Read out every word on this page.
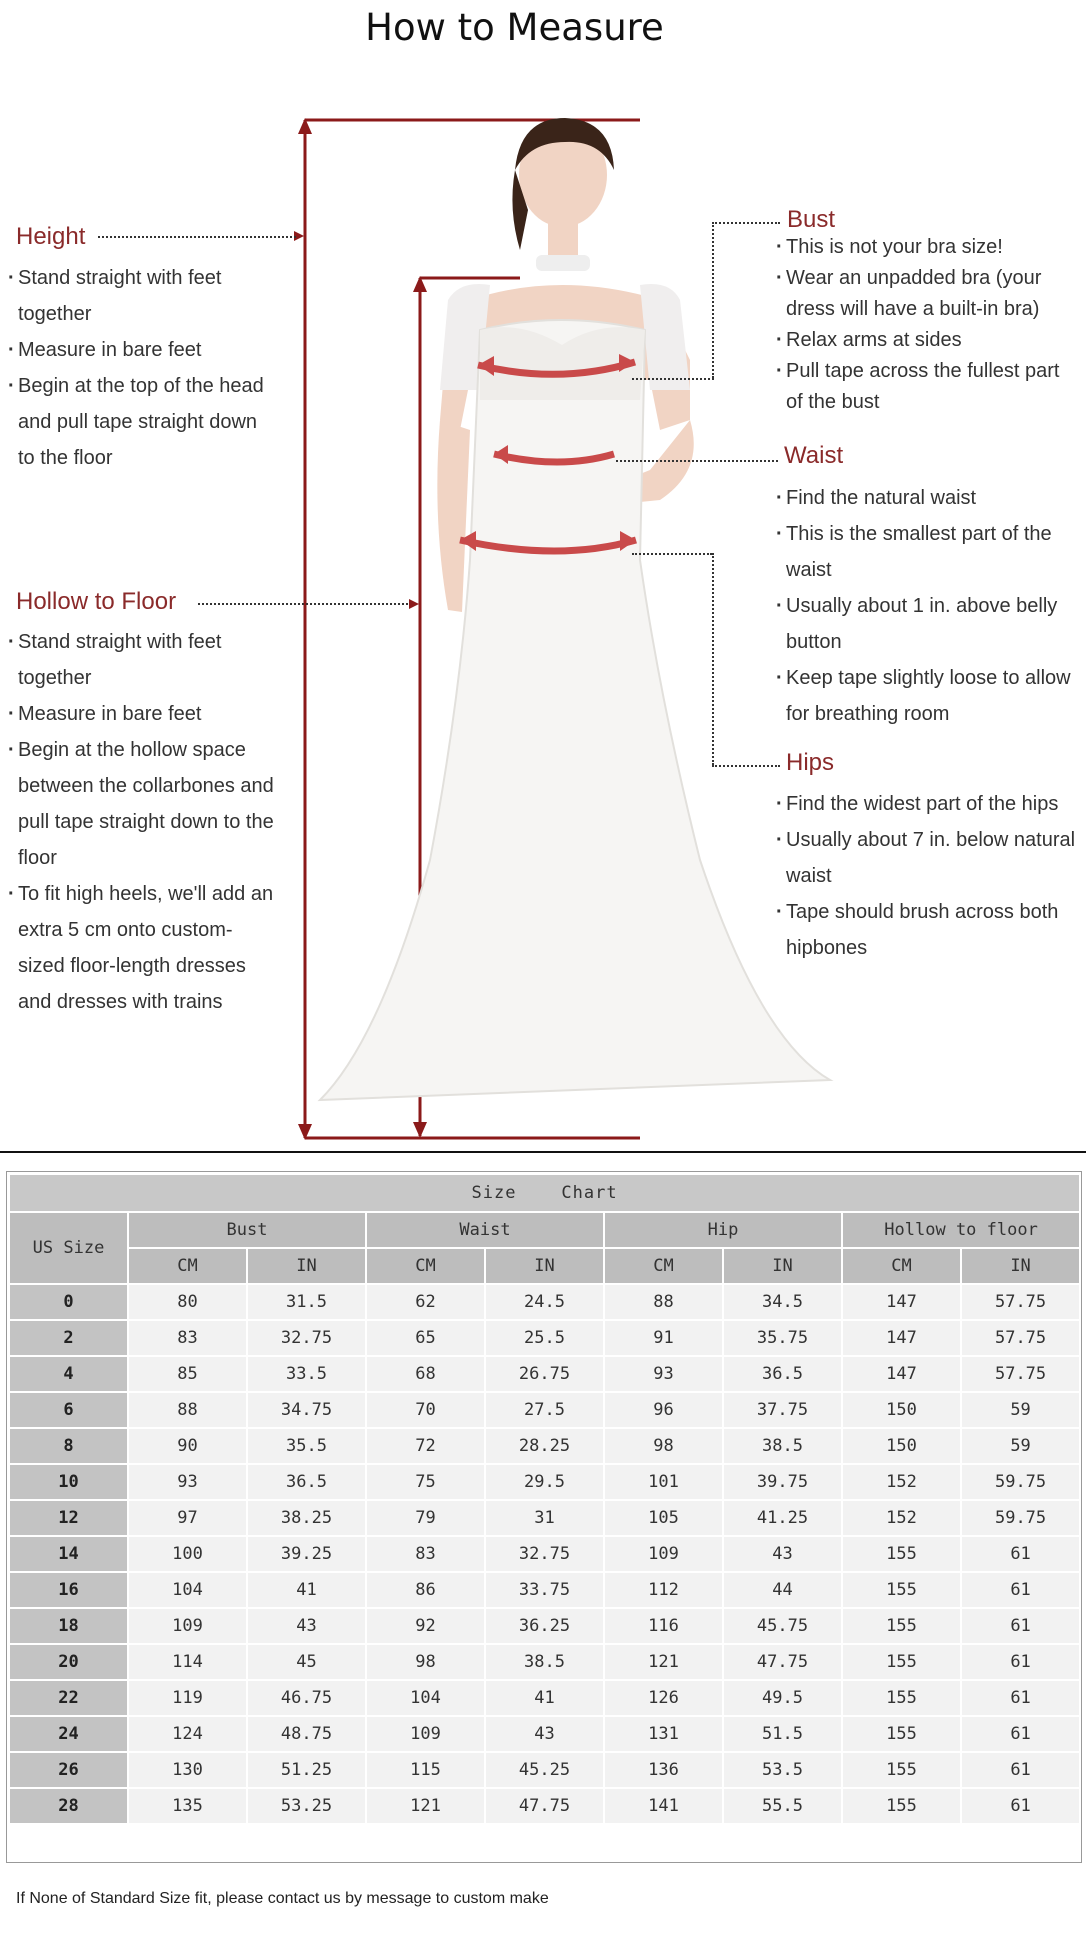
How to Measure
Height
· Stand straight with feet together
· Measure in bare feet
· Begin at the top of the head and pull tape straight down to the floor
Hollow to Floor
· Stand straight with feet together
· Measure in bare feet
· Begin at the hollow space between the collarbones and pull tape straight down to the floor
· To fit high heels, we'll add an extra 5 cm onto custom-sized floor-length dresses and dresses with trains
Bust
· This is not your bra size!
· Wear an unpadded bra (your dress will have a built-in bra)
· Relax arms at sides
· Pull tape across the fullest part of the bust
Waist
· Find the natural waist
· This is the smallest part of the waist
· Usually about 1 in. above belly button
· Keep tape slightly loose to allow for breathing room
Hips
· Find the widest part of the hips
· Usually about 7 in. below natural waist
· Tape should brush across both hipbones
Size    Chart								
US Size	Bust		Waist		Hip		Hollow to floor	
	CM	IN	CM	IN	CM	IN	CM	IN
0	80	31.5	62	24.5	88	34.5	147	57.75
2	83	32.75	65	25.5	91	35.75	147	57.75
4	85	33.5	68	26.75	93	36.5	147	57.75
6	88	34.75	70	27.5	96	37.75	150	59
8	90	35.5	72	28.25	98	38.5	150	59
10	93	36.5	75	29.5	101	39.75	152	59.75
12	97	38.25	79	31	105	41.25	152	59.75
14	100	39.25	83	32.75	109	43	155	61
16	104	41	86	33.75	112	44	155	61
18	109	43	92	36.25	116	45.75	155	61
20	114	45	98	38.5	121	47.75	155	61
22	119	46.75	104	41	126	49.5	155	61
24	124	48.75	109	43	131	51.5	155	61
26	130	51.25	115	45.25	136	53.5	155	61
28	135	53.25	121	47.75	141	55.5	155	61
If None of Standard Size fit, please contact us by message to custom make
